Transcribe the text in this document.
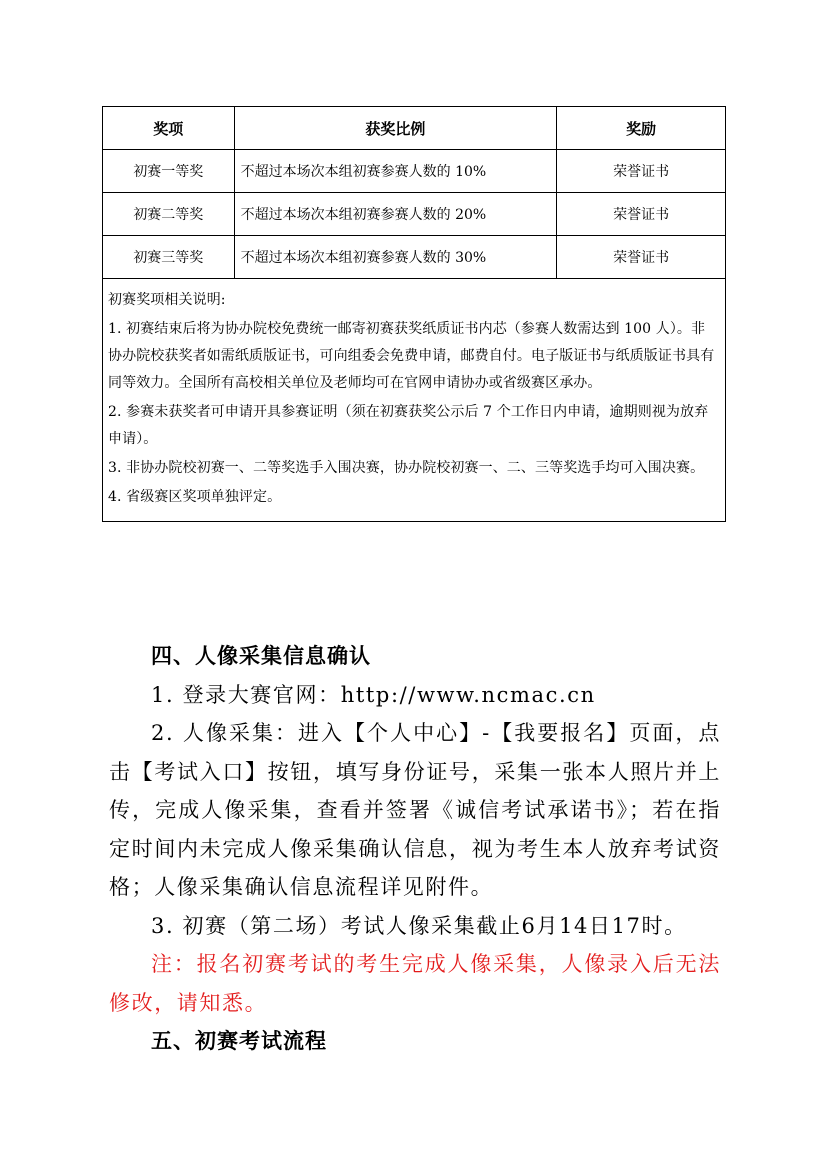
奖项	获奖比例	奖励
初赛一等奖	不超过本场次本组初赛参赛人数的 10%	荣誉证书
初赛二等奖	不超过本场次本组初赛参赛人数的 20%	荣誉证书
初赛三等奖	不超过本场次本组初赛参赛人数的 30%	荣誉证书

初赛奖项相关说明:

1. 初赛结束后将为协办院校免费统一邮寄初赛获奖纸质证书内芯（参赛人数需达到 100 人）。非协办院校获奖者如需纸质版证书，可向组委会免费申请，邮费自付。电子版证书与纸质版证书具有同等效力。全国所有高校相关单位及老师均可在官网申请协办或省级赛区承办。

2. 参赛未获奖者可申请开具参赛证明（须在初赛获奖公示后 7 个工作日内申请，逾期则视为放弃申请）。

3. 非协办院校初赛一、二等奖选手入围决赛，协办院校初赛一、二、三等奖选手均可入围决赛。

4. 省级赛区奖项单独评定。		

四、人像采集信息确认

1. 登录大赛官网：http://www.ncmac.cn

2. 人像采集：进入【个人中心】-【我要报名】页面，点击【考试入口】按钮，填写身份证号，采集一张本人照片并上传，完成人像采集，查看并签署《诚信考试承诺书》；若在指定时间内未完成人像采集确认信息，视为考生本人放弃考试资格；人像采集确认信息流程详见附件。

3. 初赛（第二场）考试人像采集截止6月14日17时。

注：报名初赛考试的考生完成人像采集，人像录入后无法修改，请知悉。

五、初赛考试流程
